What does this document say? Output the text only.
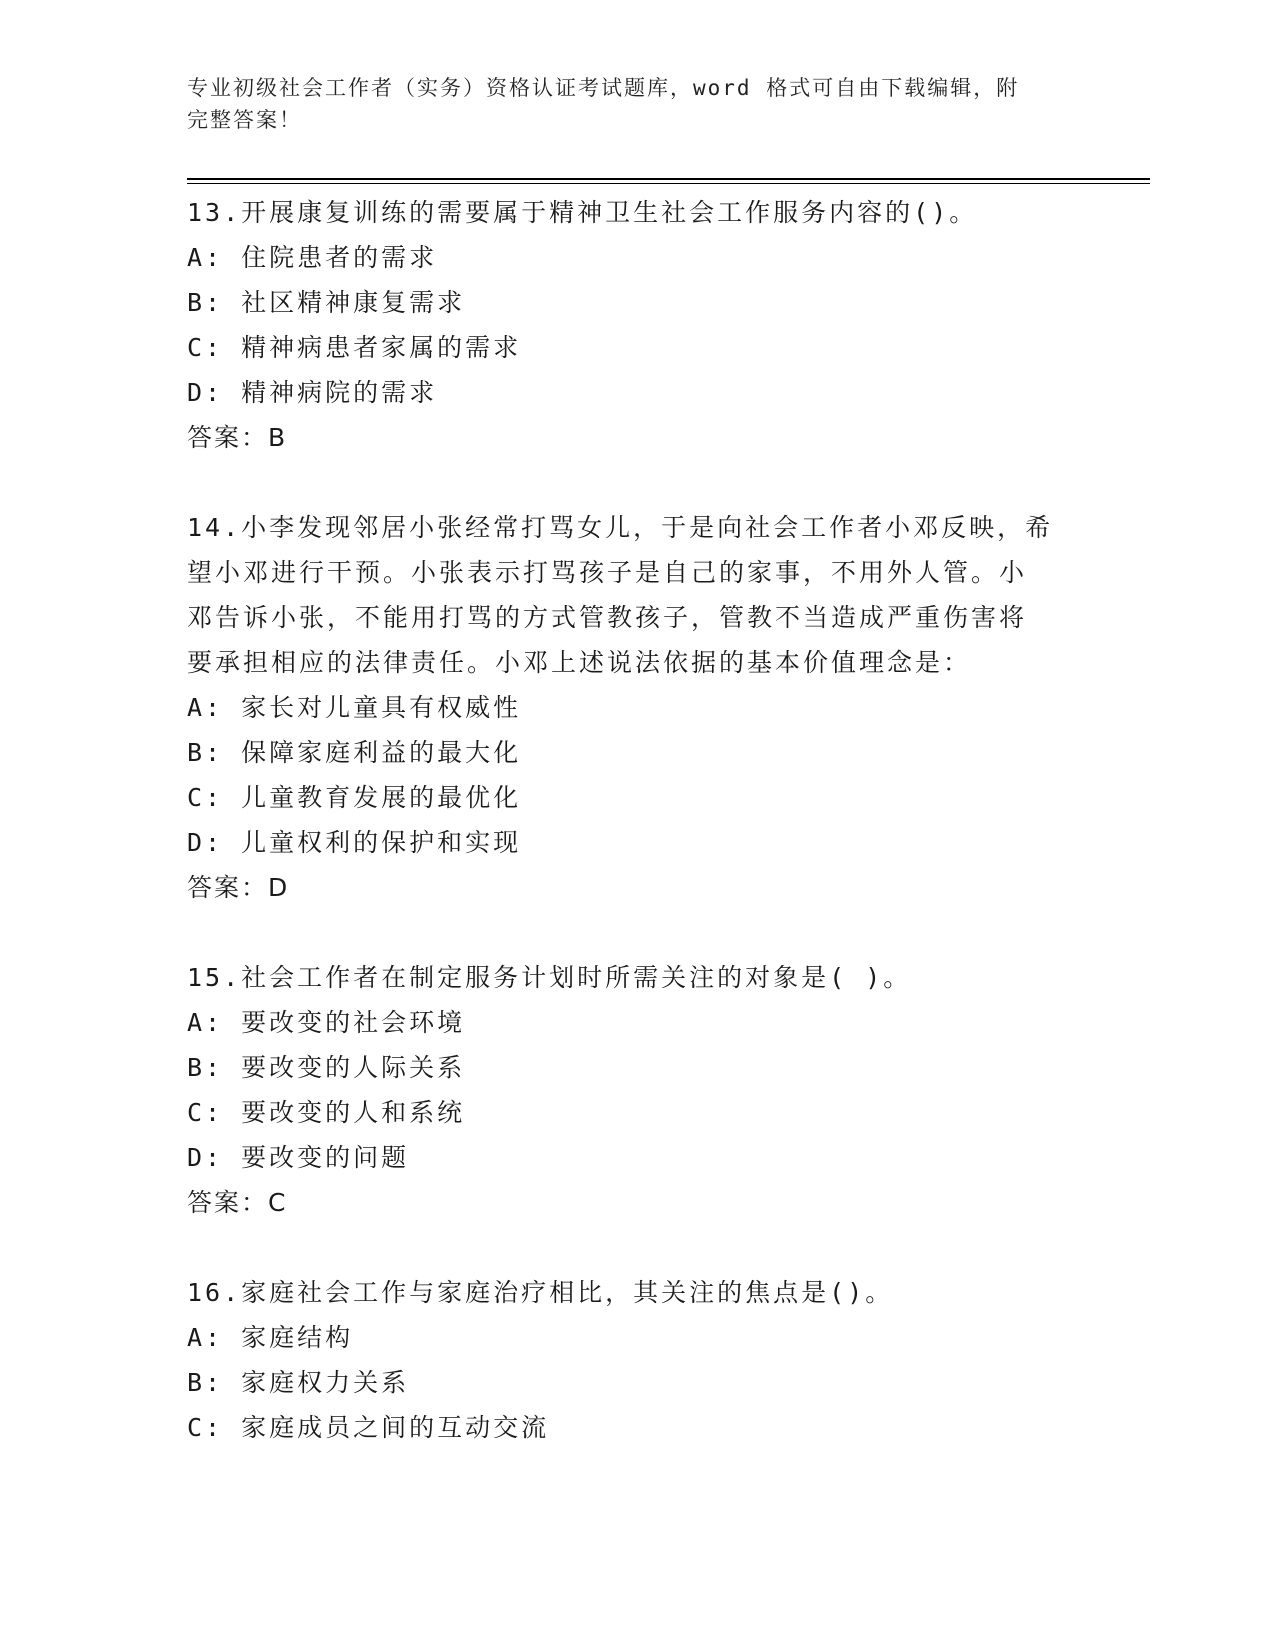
专业初级社会工作者（实务）资格认证考试题库，word 格式可自由下载编辑，附
完整答案！

13.开展康复训练的需要属于精神卫生社会工作服务内容的()。

A: 住院患者的需求

B: 社区精神康复需求

C: 精神病患者家属的需求

D: 精神病院的需求

答案：B

14.小李发现邻居小张经常打骂女儿，于是向社会工作者小邓反映，希

望小邓进行干预。小张表示打骂孩子是自己的家事，不用外人管。小

邓告诉小张，不能用打骂的方式管教孩子，管教不当造成严重伤害将

要承担相应的法律责任。小邓上述说法依据的基本价值理念是：

A: 家长对儿童具有权威性

B: 保障家庭利益的最大化

C: 儿童教育发展的最优化

D: 儿童权利的保护和实现

答案：D

15.社会工作者在制定服务计划时所需关注的对象是( )。

A: 要改变的社会环境

B: 要改变的人际关系

C: 要改变的人和系统

D: 要改变的问题

答案：C

16.家庭社会工作与家庭治疗相比，其关注的焦点是()。

A: 家庭结构

B: 家庭权力关系

C: 家庭成员之间的互动交流
